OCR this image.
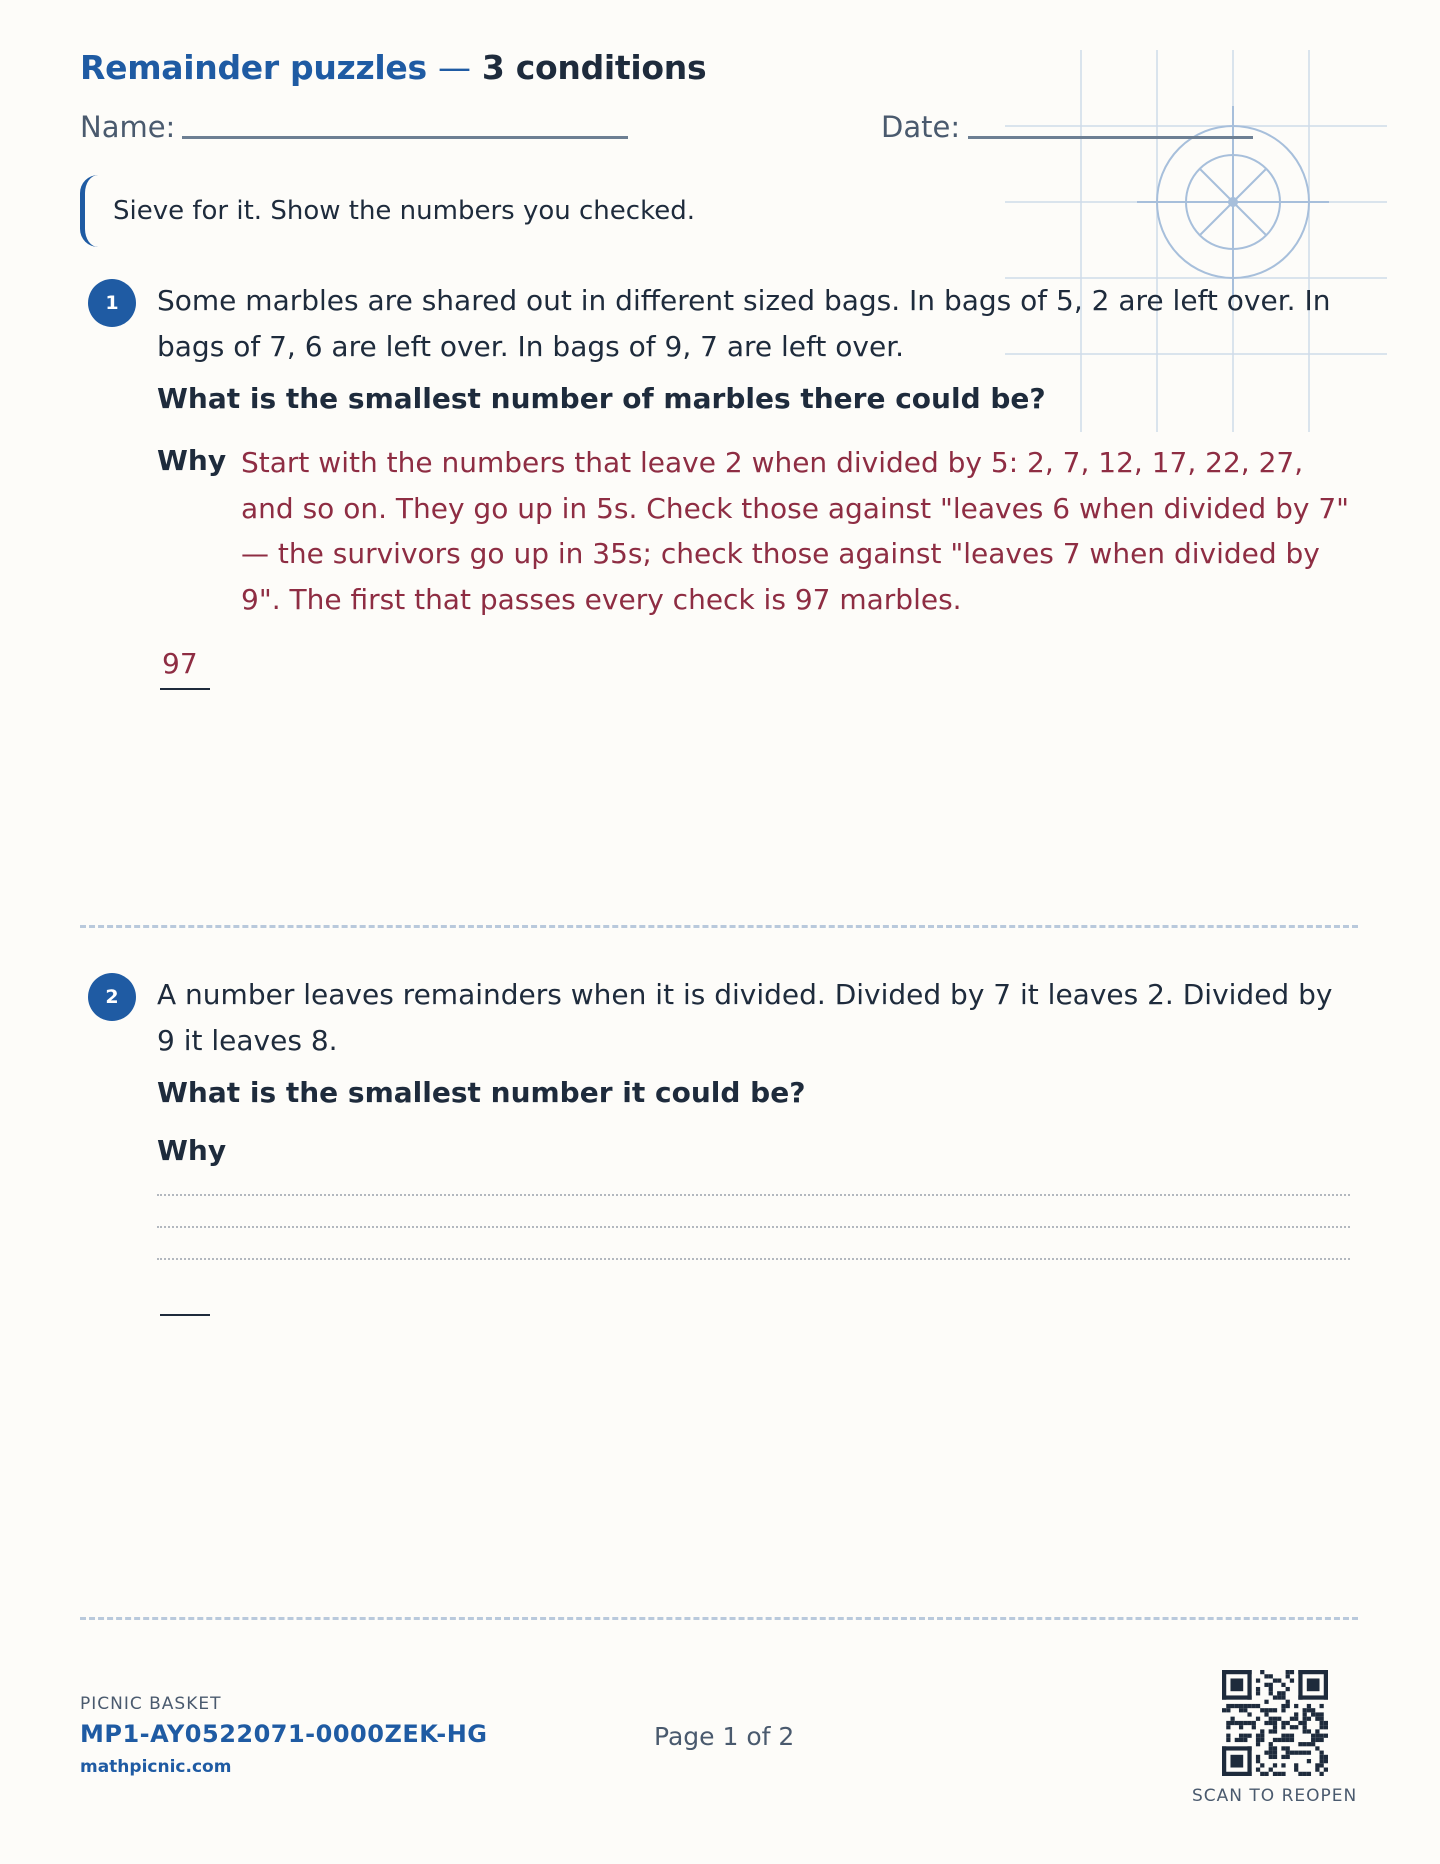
Remainder puzzles — 3 conditions
Name:	Date:
Sieve for it. Show the numbers you checked.
1	Some marbles are shared out in different sized bags. In bags of 5, 2 are left over. In bags of 7, 6 are left over. In bags of 9, 7 are left over.
What is the smallest number of marbles there could be?
Why Start with the numbers that leave 2 when divided by 5: 2, 7, 12, 17, 22, 27, and so on. They go up in 5s. Check those against "leaves 6 when divided by 7" — the survivors go up in 35s; check those against "leaves 7 when divided by 9". The first that passes every check is 97 marbles.
97
2	A number leaves remainders when it is divided. Divided by 7 it leaves 2. Divided by 9 it leaves 8.
What is the smallest number it could be?
Why
PICNIC BASKET
MP1-AY0522071-0000ZEK-HG
mathpicnic.com
Page 1 of 2
SCAN TO REOPEN
